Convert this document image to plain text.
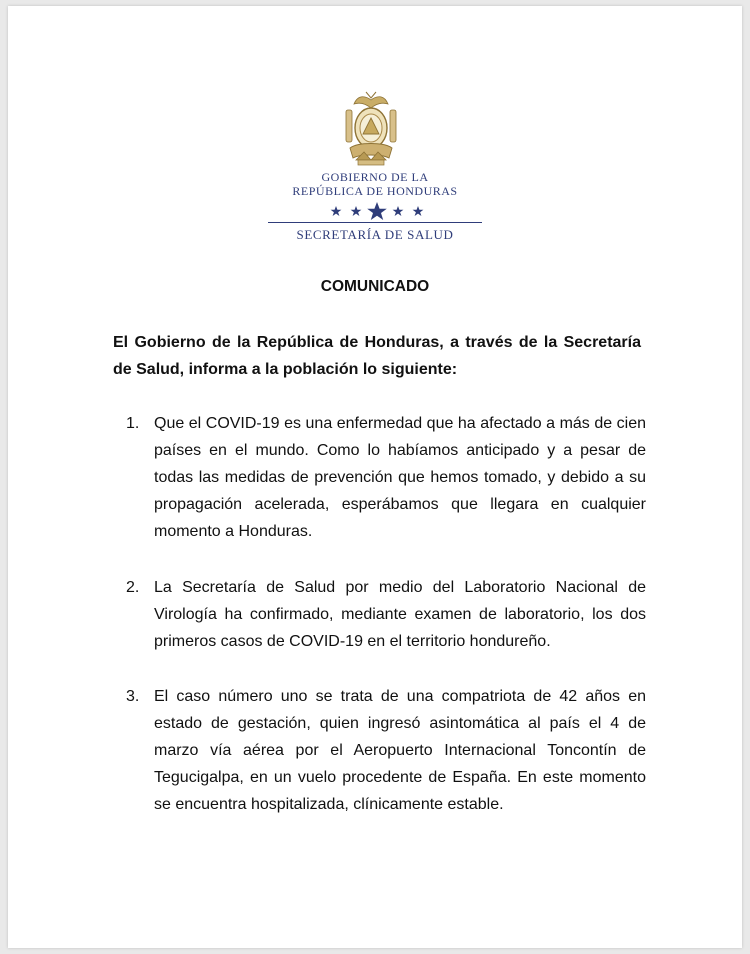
GOBIERNO DE LA
REPÚBLICA DE HONDURAS
SECRETARÍA DE SALUD
COMUNICADO
El Gobierno de la República de Honduras, a través de la Secretaría de Salud, informa a la población lo siguiente:
1. Que el COVID-19 es una enfermedad que ha afectado a más de cien países en el mundo. Como lo habíamos anticipado y a pesar de todas las medidas de prevención que hemos tomado, y debido a su propagación acelerada, esperábamos que llegara en cualquier momento a Honduras.
2. La Secretaría de Salud por medio del Laboratorio Nacional de Virología ha confirmado, mediante examen de laboratorio, los dos primeros casos de COVID-19 en el territorio hondureño.
3. El caso número uno se trata de una compatriota de 42 años en estado de gestación, quien ingresó asintomática al país el 4 de marzo vía aérea por el Aeropuerto Internacional Toncontín de Tegucigalpa, en un vuelo procedente de España. En este momento se encuentra hospitalizada, clínicamente estable.
